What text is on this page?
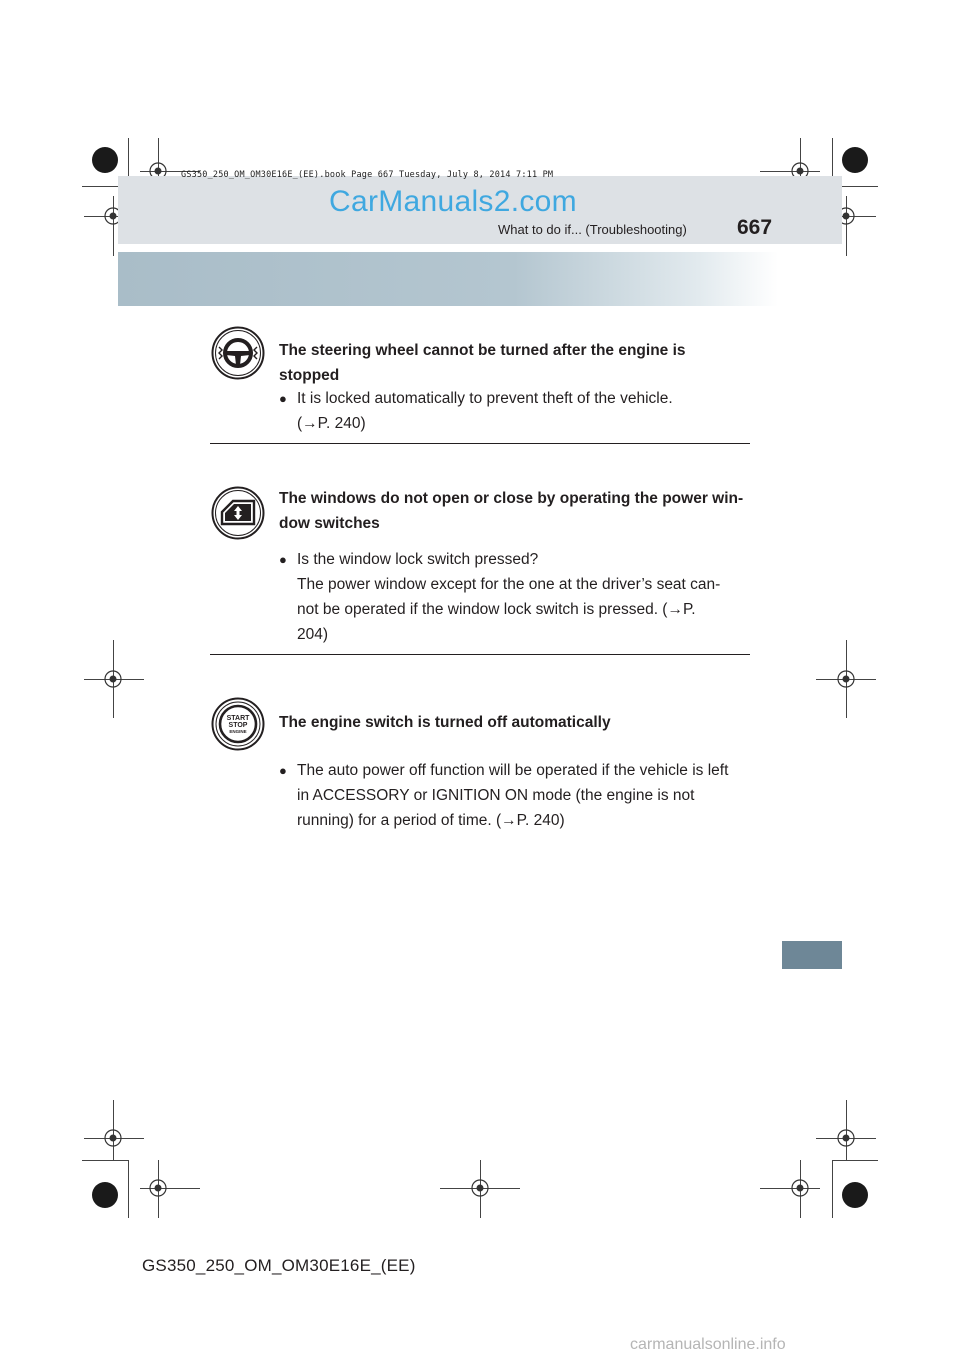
GS350_250_OM_OM30E16E_(EE).book Page 667 Tuesday, July 8, 2014 7:11 PM
CarManuals2.com
What to do if... (Troubleshooting) 667
The steering wheel cannot be turned after the engine is stopped
● It is locked automatically to prevent theft of the vehicle.
(→P. 240)
The windows do not open or close by operating the power win-
dow switches
● Is the window lock switch pressed?
The power window except for the one at the driver’s seat can-
not be operated if the window lock switch is pressed. (→P.
204)
START
STOP
ENGINE
The engine switch is turned off automatically
● The auto power off function will be operated if the vehicle is left
in ACCESSORY or IGNITION ON mode (the engine is not
running) for a period of time. (→P. 240)
GS350_250_OM_OM30E16E_(EE)
carmanualsonline.info
